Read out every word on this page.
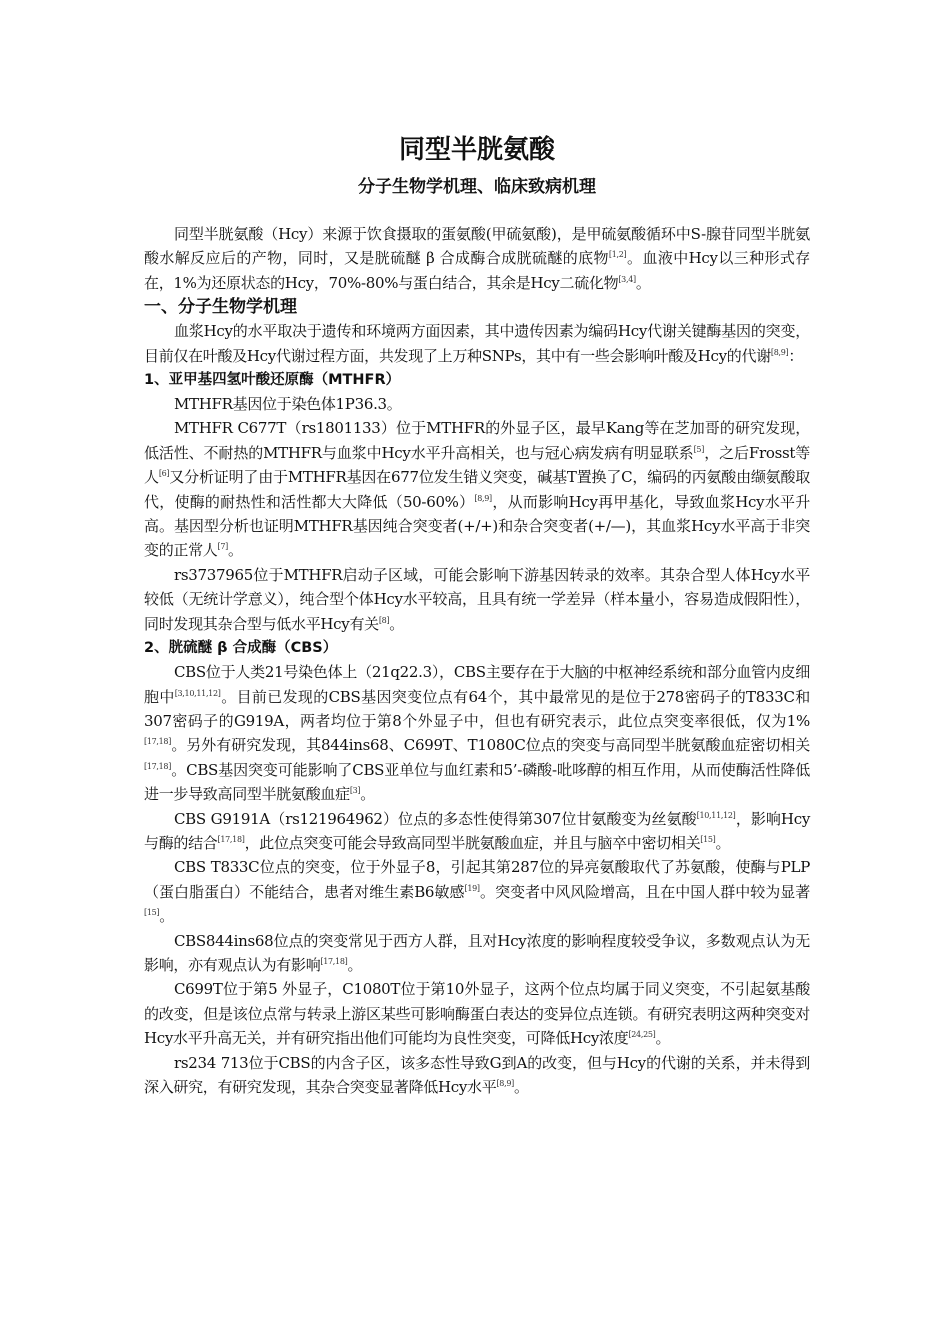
同型半胱氨酸
分子生物学机理、临床致病机理

同型半胱氨酸（Hcy）来源于饮食摄取的蛋氨酸(甲硫氨酸)，是甲硫氨酸循环中S-腺苷同型半胱氨酸水解反应后的产物，同时，又是胱硫醚 β 合成酶合成胱硫醚的底物[1,2]。血液中Hcy以三种形式存在，1%为还原状态的Hcy，70%-80%与蛋白结合，其余是Hcy二硫化物[3,4]。

一、分子生物学机理

血浆Hcy的水平取决于遗传和环境两方面因素，其中遗传因素为编码Hcy代谢关键酶基因的突变，目前仅在叶酸及Hcy代谢过程方面，共发现了上万种SNPs，其中有一些会影响叶酸及Hcy的代谢[8,9]：

1、亚甲基四氢叶酸还原酶（MTHFR）

MTHFR基因位于染色体1P36.3。

MTHFR C677T（rs1801133）位于MTHFR的外显子区，最早Kang等在芝加哥的研究发现，低活性、不耐热的MTHFR与血浆中Hcy水平升高相关，也与冠心病发病有明显联系[5]，之后Frosst等人[6]又分析证明了由于MTHFR基因在677位发生错义突变，碱基T置换了C，编码的丙氨酸由缬氨酸取代，使酶的耐热性和活性都大大降低（50-60%）[8,9]，从而影响Hcy再甲基化，导致血浆Hcy水平升高。基因型分析也证明MTHFR基因纯合突变者(+/+)和杂合突变者(+/—)，其血浆Hcy水平高于非突变的正常人[7]。

rs3737965位于MTHFR启动子区域，可能会影响下游基因转录的效率。其杂合型人体Hcy水平较低（无统计学意义），纯合型个体Hcy水平较高，且具有统一学差异（样本量小，容易造成假阳性），同时发现其杂合型与低水平Hcy有关[8]。

2、胱硫醚 β 合成酶（CBS）

CBS位于人类21号染色体上（21q22.3），CBS主要存在于大脑的中枢神经系统和部分血管内皮细胞中[3,10,11,12]。目前已发现的CBS基因突变位点有64个，其中最常见的是位于278密码子的T833C和307密码子的G919A，两者均位于第8个外显子中，但也有研究表示，此位点突变率很低，仅为1%[17,18]。另外有研究发现，其844ins68、C699T、T1080C位点的突变与高同型半胱氨酸血症密切相关[17,18]。CBS基因突变可能影响了CBS亚单位与血红素和5’-磷酸-吡哆醇的相互作用，从而使酶活性降低进一步导致高同型半胱氨酸血症[3]。

CBS G9191A（rs121964962）位点的多态性使得第307位甘氨酸变为丝氨酸[10,11,12]，影响Hcy与酶的结合[17,18]，此位点突变可能会导致高同型半胱氨酸血症，并且与脑卒中密切相关[15]。

CBS T833C位点的突变，位于外显子8，引起其第287位的异亮氨酸取代了苏氨酸，使酶与PLP（蛋白脂蛋白）不能结合，患者对维生素B6敏感[19]。突变者中风风险增高，且在中国人群中较为显著[15]。

CBS844ins68位点的突变常见于西方人群，且对Hcy浓度的影响程度较受争议，多数观点认为无影响，亦有观点认为有影响[17,18]。

C699T位于第5 外显子，C1080T位于第10外显子，这两个位点均属于同义突变，不引起氨基酸的改变，但是该位点常与转录上游区某些可影响酶蛋白表达的变异位点连锁。有研究表明这两种突变对Hcy水平升高无关，并有研究指出他们可能均为良性突变，可降低Hcy浓度[24,25]。

rs234 713位于CBS的内含子区，该多态性导致G到A的改变，但与Hcy的代谢的关系，并未得到深入研究，有研究发现，其杂合突变显著降低Hcy水平[8,9]。
